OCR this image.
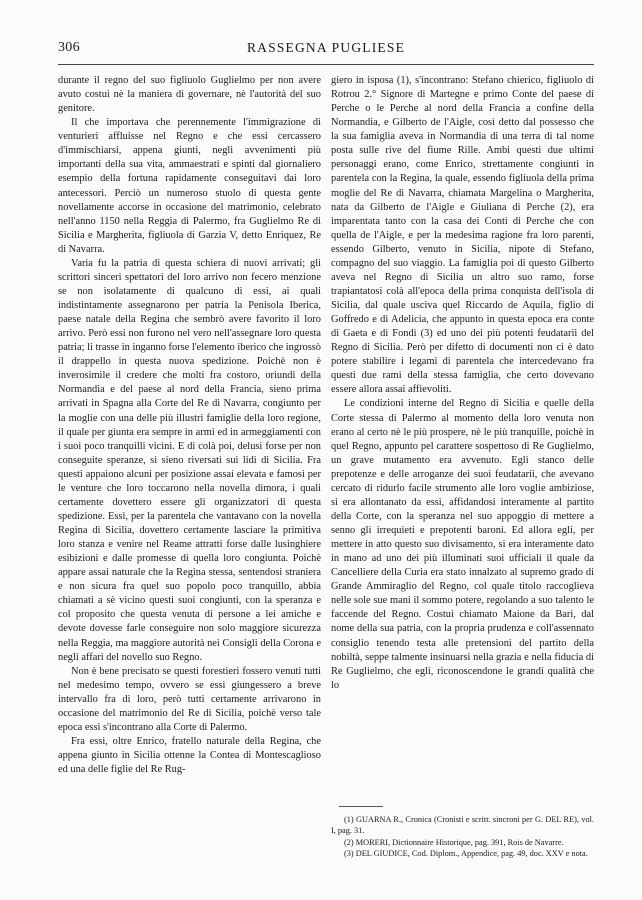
306	RASSEGNA PUGLIESE

durante il regno del suo figliuolo Guglielmo per non avere avuto costui nè la maniera di governare, nè l'autorità del suo genitore.

Il che importava che perennemente l'immigrazione di venturieri affluisse nel Regno e che essi cercassero d'immischiarsi, appena giunti, negli avvenimenti più importanti della sua vita, ammaestrati e spinti dal giornaliero esempio della fortuna rapidamente conseguitavi dai loro antecessori. Perciò un numeroso stuolo di questa gente novellamente accorse in occasione del matrimonio, celebrato nell'anno 1150 nella Reggia di Palermo, fra Guglielmo Re di Sicilia e Margherita, figliuola di Garzia V, detto Enriquez, Re di Navarra.

Varia fu la patria di questa schiera di nuovi arrivati; gli scrittori sinceri spettatori del loro arrivo non fecero menzione se non isolatamente di qualcuno di essi, ai quali indistintamente assegnarono per patria la Penisola Iberica, paese natale della Regina che sembrò avere favorito il loro arrivo. Però essi non furono nel vero nell'assegnare loro questa patria; li trasse in inganno forse l'elemento iberico che ingrossò il drappello in questa nuova spedizione. Poichè non è inverosimile il credere che molti fra costoro, oriundi della Normandia e del paese al nord della Francia, sieno prima arrivati in Spagna alla Corte del Re di Navarra, congiunto per la moglie con una delle più illustri famiglie della loro regione, il quale per giunta era sempre in armi ed in armeggiamenti con i suoi poco tranquilli vicini. E di colà poi, delusi forse per non conseguite speranze, si sieno riversati sui lidi di Sicilia. Fra questi appaiono alcuni per posizione assai elevata e famosi per le venture che loro toccarono nella novella dimora, i quali certamente dovettero essere gli organizzatori di questa spedizione. Essi, per la parentela che vantavano con la novella Regina di Sicilia, dovettero certamente lasciare la primitiva loro stanza e venire nel Reame attratti forse dalle lusinghiere esibizioni e dalle promesse di quella loro congiunta. Poichè appare assai naturale che la Regina stessa, sentendosi straniera e non sicura fra quel suo popolo poco tranquillo, abbia chiamati a sè vicino questi suoi congiunti, con la speranza e col proposito che questa venuta di persone a lei amiche e devote dovesse farle conseguire non solo maggiore sicurezza nella Reggia, ma maggiore autorità nei Consigli della Corona e negli affari del novello suo Regno.

Non è bene precisato se questi forestieri fossero venuti tutti nel medesimo tempo, ovvero se essi giungessero a breve intervallo fra di loro, però tutti certamente arrivarono in occasione del matrimonio del Re di Sicilia, poichè verso tale epoca essi s'incontrano alla Corte di Palermo.

Fra essi, oltre Enrico, fratello naturale della Regina, che appena giunto in Sicilia ottenne la Contea di Montescaglioso ed una delle figlie del Re Rug-

giero in isposa (1), s'incontrano: Stefano chierico, figliuolo di Rotrou 2.° Signore di Martegne e primo Conte del paese di Perche o le Perche al nord della Francia a confine della Normandia, e Gilberto de l'Aigle, così detto dal possesso che la sua famiglia aveva in Normandia di una terra di tal nome posta sulle rive del fiume Rille. Ambi questi due ultimi personaggi erano, come Enrico, strettamente congiunti in parentela con la Regina, la quale, essendo figliuola della prima moglie del Re di Navarra, chiamata Margelina o Margherita, nata da Gilberto de l'Aigle e Giuliana di Perche (2), era imparentata tanto con la casa dei Conti di Perche che con quella de l'Aigle, e per la medesima ragione fra loro parenti, essendo Gilberto, venuto in Sicilia, nipote di Stefano, compagno del suo viaggio. La famiglia poi di questo Gilberto aveva nel Regno di Sicilia un altro suo ramo, forse trapiantatosi colà all'epoca della prima conquista dell'isola di Sicilia, dal quale usciva quel Riccardo de Aquila, figlio di Goffredo e di Adelicia, che appunto in questa epoca era conte di Gaeta e di Fondi (3) ed uno dei più potenti feudatarii del Regno di Sicilia. Però per difetto di documenti non ci è dato potere stabilire i legami di parentela che intercedevano fra questi due rami della stessa famiglia, che certo dovevano essere allora assai affievoliti.

Le condizioni interne del Regno di Sicilia e quelle della Corte stessa di Palermo al momento della loro venuta non erano al certo nè le più prospere, nè le più tranquille, poichè in quel Regno, appunto pel carattere sospettoso di Re Guglielmo, un grave mutamento era avvenuto. Egli stanco delle prepotenze e delle arroganze dei suoi feudatarii, che avevano cercato di ridurlo facile strumento alle loro voglie ambiziose, si era allontanato da essi, affidandosi interamente al partito della Corte, con la speranza nel suo appoggio di mettere a senno gli irrequieti e prepotenti baroni. Ed allora egli, per mettere in atto questo suo divisamento, si era interamente dato in mano ad uno dei più illuminati suoi ufficiali il quale da Cancelliere della Curia era stato innalzato al supremo grado di Grande Ammiraglio del Regno, col quale titolo raccoglieva nelle sole sue mani il sommo potere, regolando a suo talento le faccende del Regno. Costui chiamato Maione da Bari, dal nome della sua patria, con la propria prudenza e coll'assennato consiglio tenendo testa alle pretensioni del partito della nobiltà, seppe talmente insinuarsi nella grazia e nella fiducia di Re Guglielmo, che egli, riconoscendone le grandi qualità che lo

(1) GUARNA R., Cronica (Cronisti e scritt. sincroni per G. DEL RE), vol. I, pag. 31.

(2) MORERI, Dictionnaire Historique, pag. 391, Rois de Navarre.

(3) DEL GIUDICE, Cod. Diplom., Appendice, pag. 49, doc. XXV e nota.
